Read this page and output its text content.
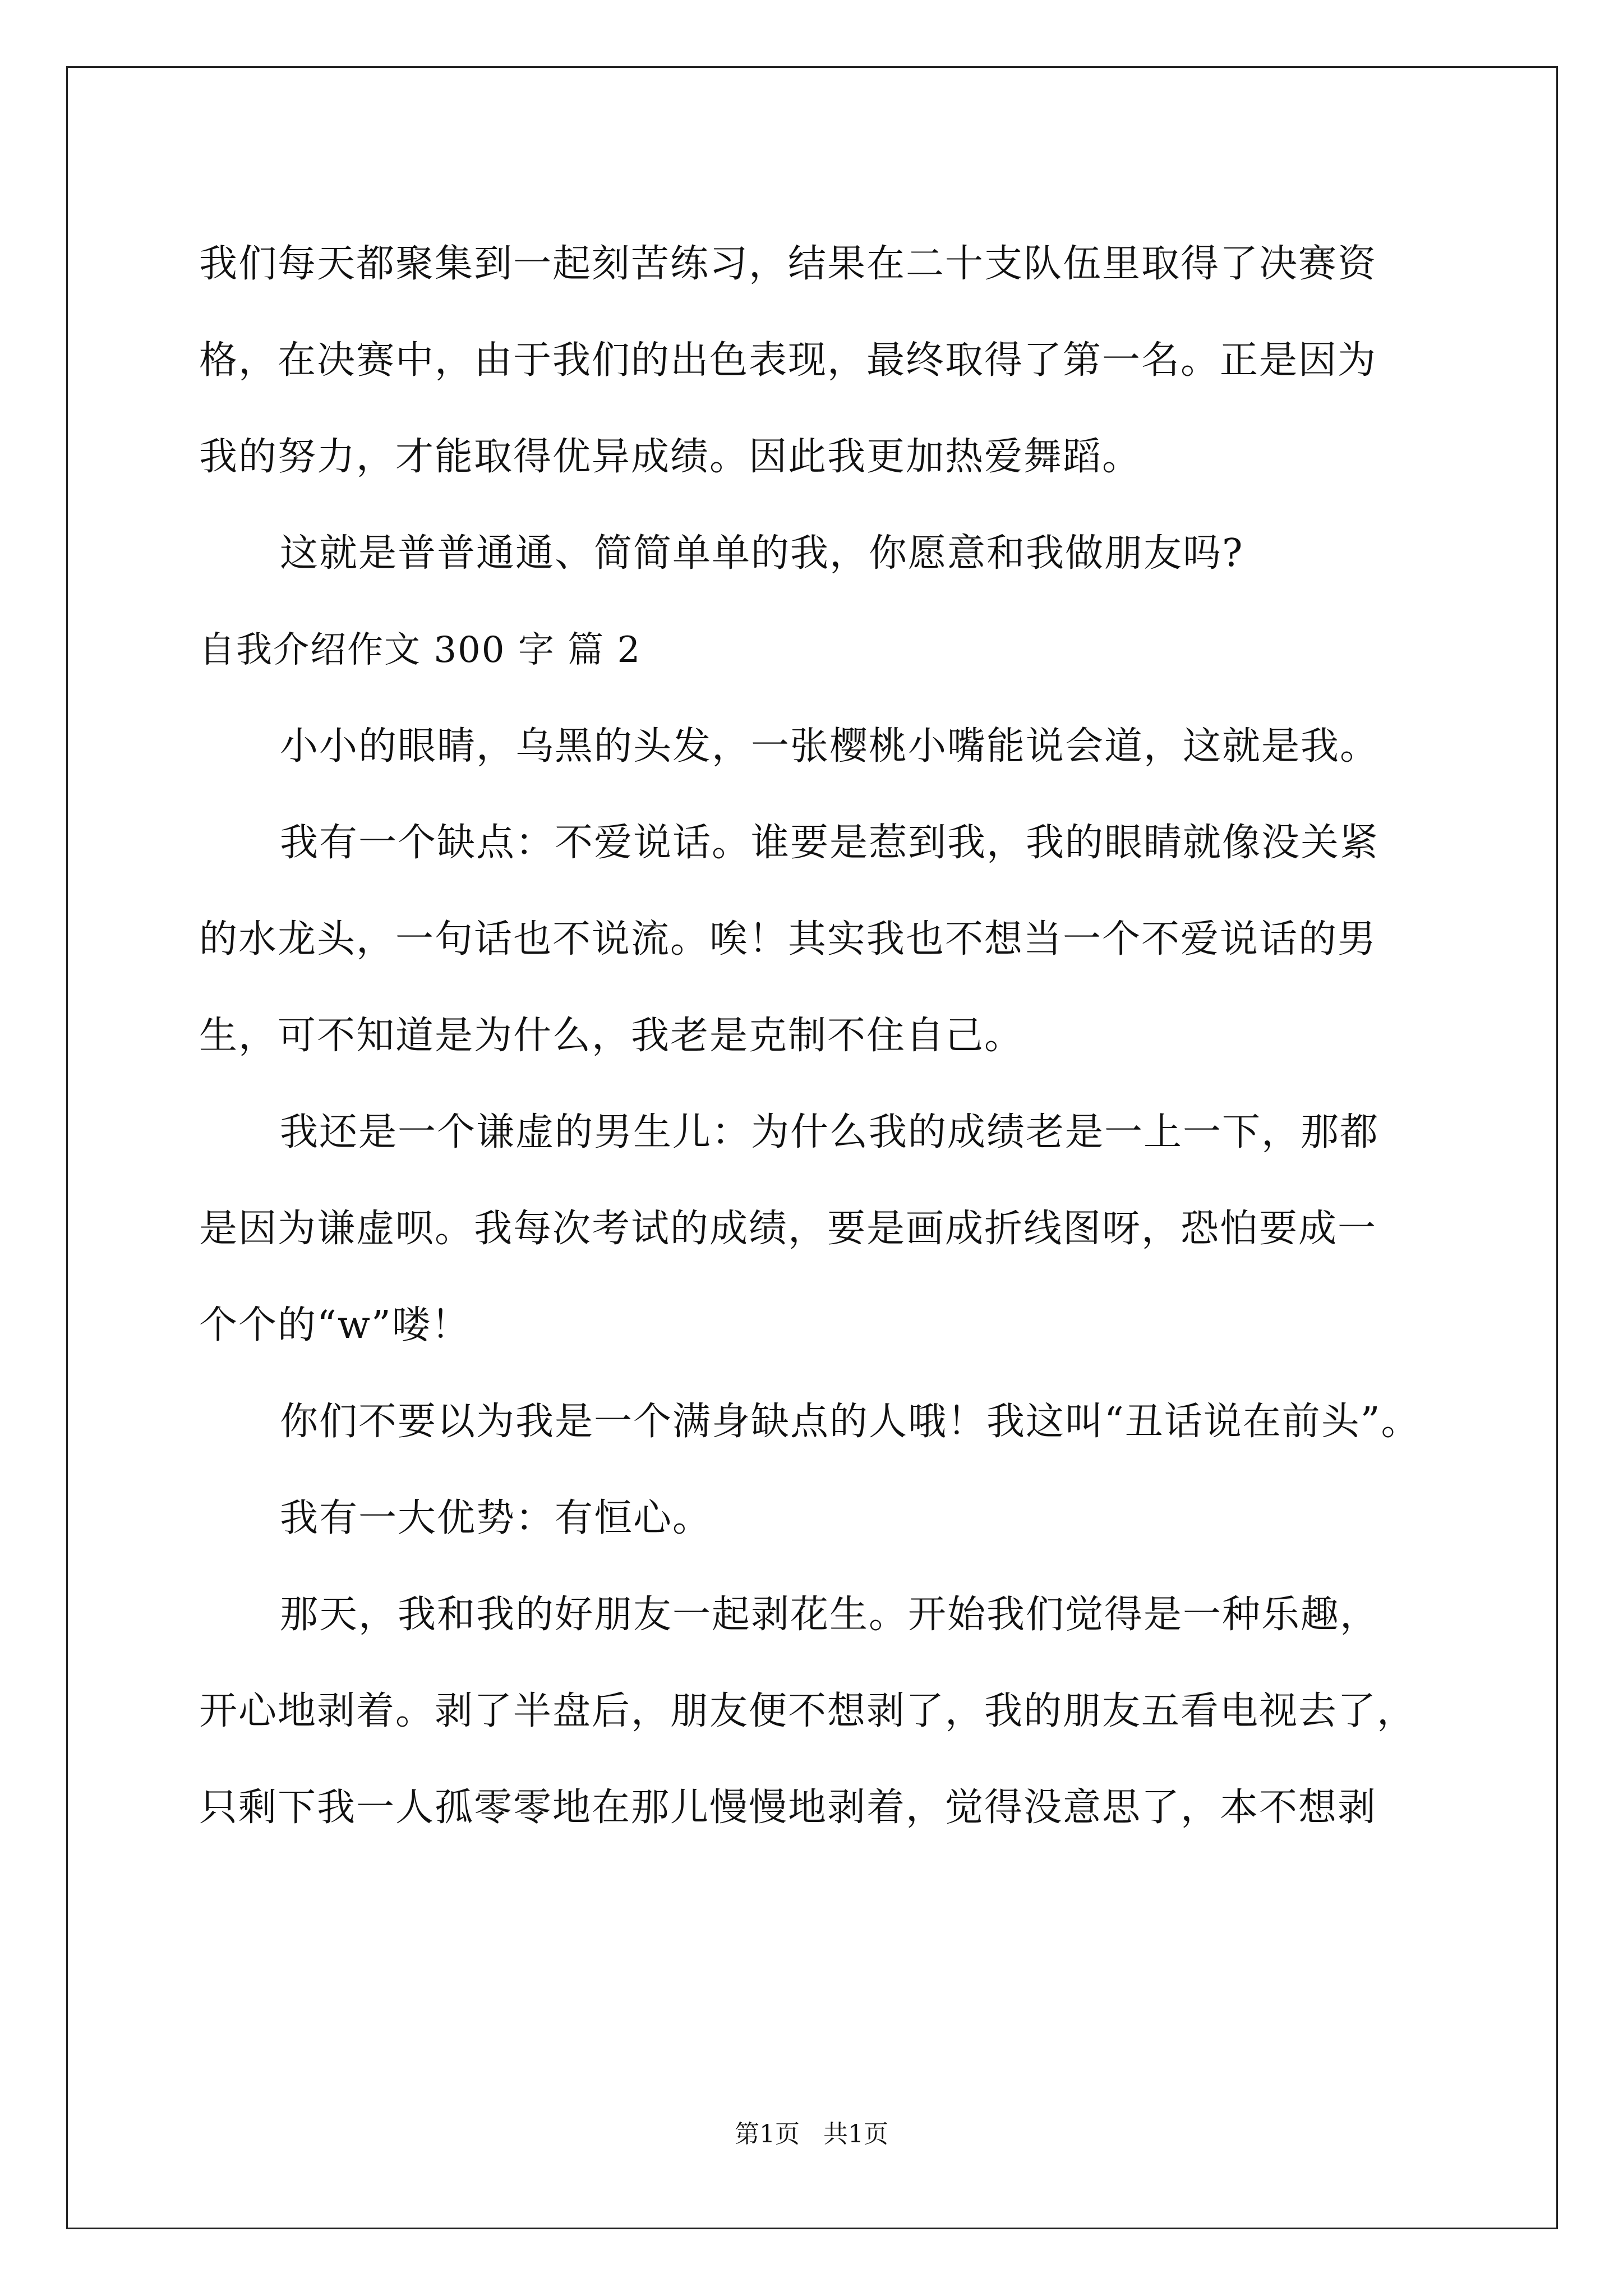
我们每天都聚集到一起刻苦练习，结果在二十支队伍里取得了决赛资
格，在决赛中，由于我们的出色表现，最终取得了第一名。正是因为
我的努力，才能取得优异成绩。因此我更加热爱舞蹈。
这就是普普通通、简简单单的我，你愿意和我做朋友吗?
自我介绍作文 300 字 篇 2
小小的眼睛，乌黑的头发，一张樱桃小嘴能说会道，这就是我。
我有一个缺点：不爱说话。谁要是惹到我，我的眼睛就像没关紧
的水龙头，一句话也不说流。唉！其实我也不想当一个不爱说话的男
生，可不知道是为什么，我老是克制不住自己。
我还是一个谦虚的男生儿：为什么我的成绩老是一上一下，那都
是因为谦虚呗。我每次考试的成绩，要是画成折线图呀，恐怕要成一
个个的“w”喽！
你们不要以为我是一个满身缺点的人哦！我这叫“丑话说在前头”。
我有一大优势：有恒心。
那天，我和我的好朋友一起剥花生。开始我们觉得是一种乐趣，
开心地剥着。剥了半盘后，朋友便不想剥了，我的朋友五看电视去了，
只剩下我一人孤零零地在那儿慢慢地剥着，觉得没意思了，本不想剥
第1页 共1页
